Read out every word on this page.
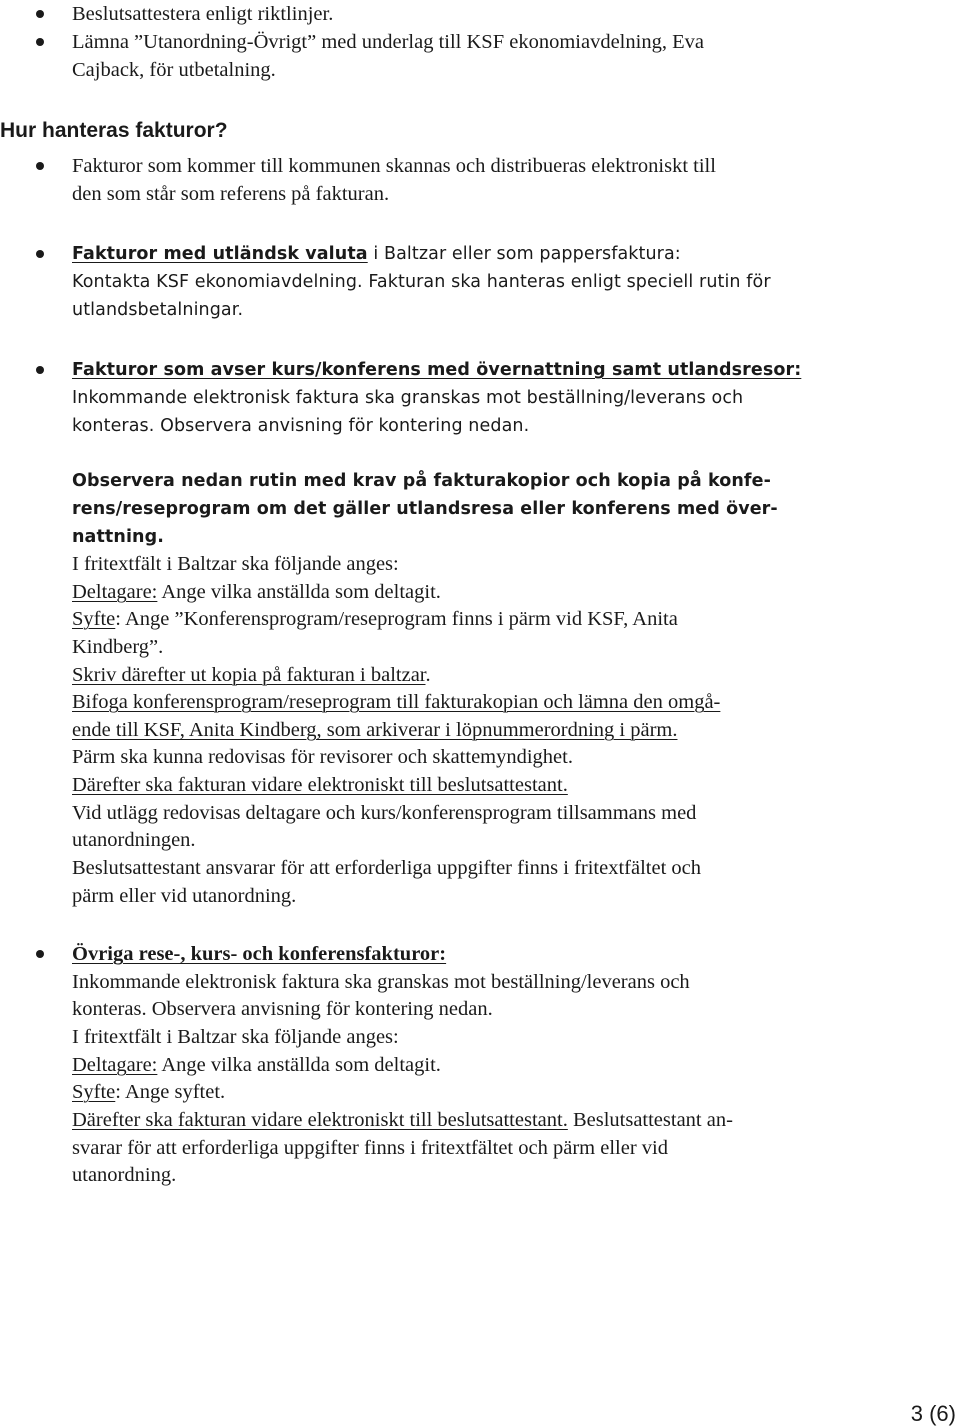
Beslutsattestera enligt riktlinjer.
Lämna ”Utanordning-Övrigt” med underlag till KSF ekonomiavdelning, Eva
Cajback, för utbetalning.
Hur hanteras fakturor?
Fakturor som kommer till kommunen skannas och distribueras elektroniskt till
den som står som referens på fakturan.
Fakturor med utländsk valuta i Baltzar eller som pappersfaktura:
Kontakta KSF ekonomiavdelning. Fakturan ska hanteras enligt speciell rutin för
utlandsbetalningar.
Fakturor som avser kurs/konferens med övernattning samt utlandsresor:
Inkommande elektronisk faktura ska granskas mot beställning/leverans och
konteras. Observera anvisning för kontering nedan.
Observera nedan rutin med krav på fakturakopior och kopia på konfe-
rens/reseprogram om det gäller utlandsresa eller konferens med över-
nattning.
I fritextfält i Baltzar ska följande anges:
Deltagare: Ange vilka anställda som deltagit.
Syfte: Ange ”Konferensprogram/reseprogram finns i pärm vid KSF, Anita
Kindberg”.
Skriv därefter ut kopia på fakturan i baltzar.
Bifoga konferensprogram/reseprogram till fakturakopian och lämna den omgå-
ende till KSF, Anita Kindberg, som arkiverar i löpnummerordning i pärm.
Pärm ska kunna redovisas för revisorer och skattemyndighet.
Därefter ska fakturan vidare elektroniskt till beslutsattestant.
Vid utlägg redovisas deltagare och kurs/konferensprogram tillsammans med
utanordningen.
Beslutsattestant ansvarar för att erforderliga uppgifter finns i fritextfältet och
pärm eller vid utanordning.
Övriga rese-, kurs- och konferensfakturor:
Inkommande elektronisk faktura ska granskas mot beställning/leverans och
konteras. Observera anvisning för kontering nedan.
I fritextfält i Baltzar ska följande anges:
Deltagare: Ange vilka anställda som deltagit.
Syfte: Ange syftet.
Därefter ska fakturan vidare elektroniskt till beslutsattestant. Beslutsattestant an-
svarar för att erforderliga uppgifter finns i fritextfältet och pärm eller vid
utanordning.
3 (6)
